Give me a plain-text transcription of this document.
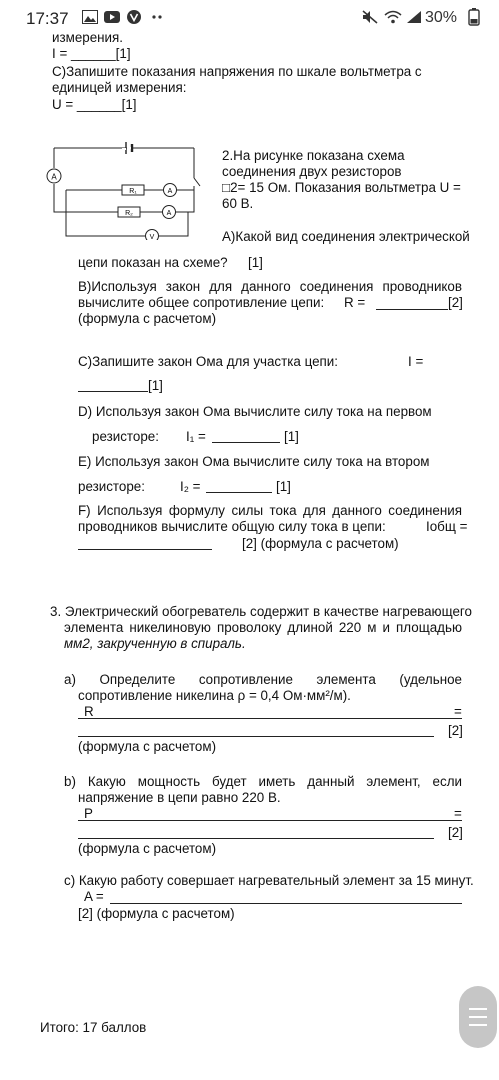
17:37	30%
измерения.
I = ______[1]
С)Запишите показания напряжения по шкале вольтметра с
единицей измерения:
U = ______[1]
A
R₁	A
R₂	A
V
2.На рисунке показана схема
соединения двух резисторов
□2= 15 Ом. Показания вольтметра U =
60 В.
А)Какой вид соединения электрической
цепи показан на схеме? [1]
В)Используя закон для данного соединения проводников
вычислите общее сопротивление цепи: R =	[2]
(формула с расчетом)
С)Запишите закон Ома для участка цепи:	I =
[1]
D) Используя закон Ома вычислите силу тока на первом
резисторе: I₁ =	[1]
E) Используя закон Ома вычислите силу тока на втором
резисторе:	I₂ =	[1]
F) Используя формулу силы тока для данного соединения
проводников вычислите общую силу тока в цепи:	Iобщ =
[2] (формула с расчетом)
3. Электрический обогреватель содержит в качестве нагревающего
элемента никелиновую проволоку длиной 220 м и площадью
мм2, закрученную в спираль.
a) Определите сопротивление элемента (удельное
сопротивление никелина ρ = 0,4 Ом·мм²/м).
R	=
[2]
(формула с расчетом)
b) Какую мощность будет иметь данный элемент, если
напряжение в цепи равно 220 В.
P	=
[2]
(формула с расчетом)
c) Какую работу совершает нагревательный элемент за 15 минут.
A =
[2] (формула с расчетом)
Итого: 17 баллов
